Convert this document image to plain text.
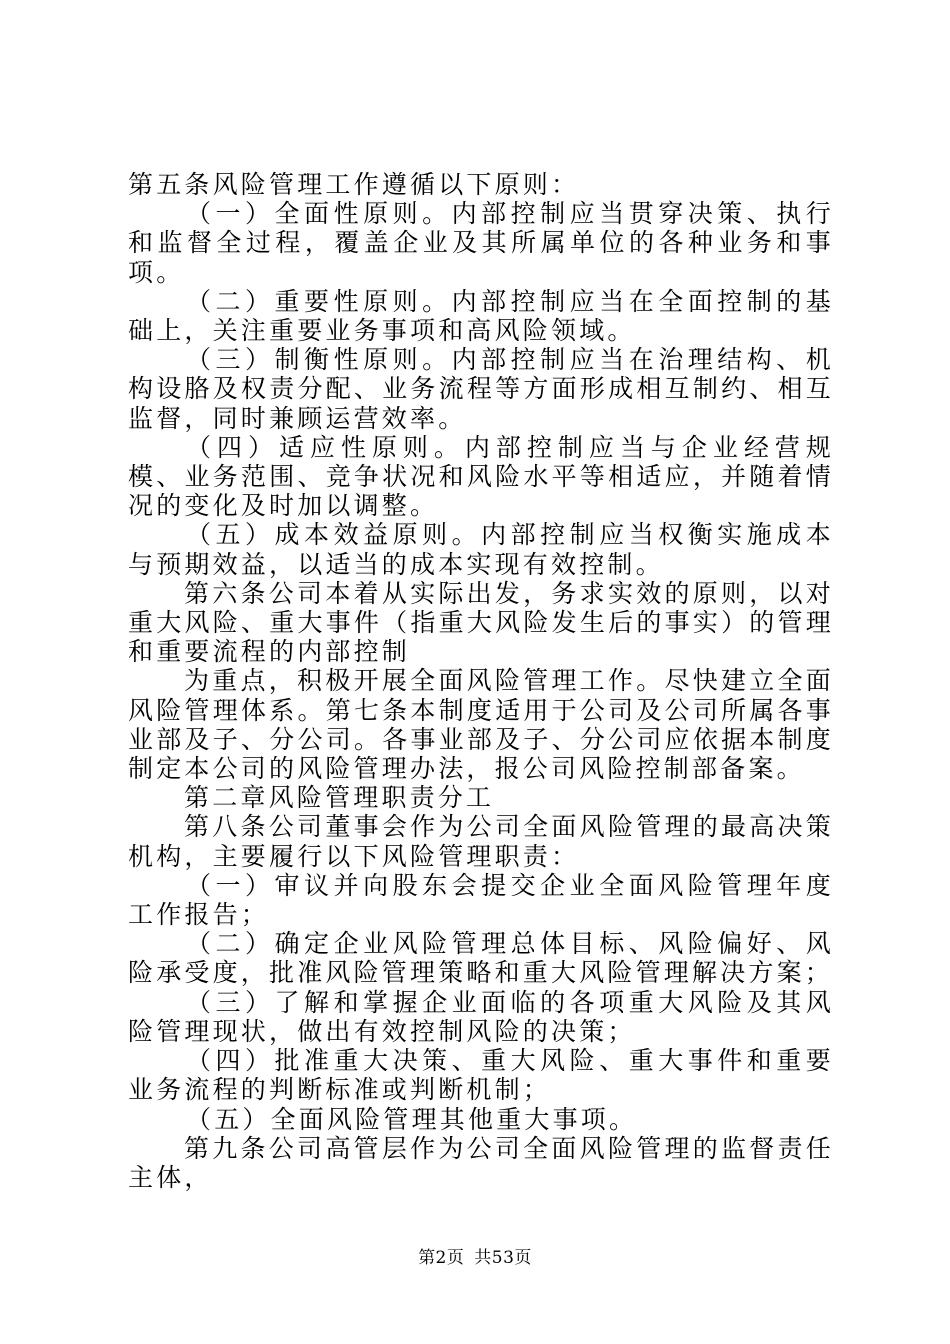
第五条风险管理工作遵循以下原则：

（一）全面性原则。内部控制应当贯穿决策、执行和监督全过程，覆盖企业及其所属单位的各种业务和事项。

（二）重要性原则。内部控制应当在全面控制的基础上，关注重要业务事项和高风险领域。

（三）制衡性原则。内部控制应当在治理结构、机构设胳及权责分配、业务流程等方面形成相互制约、相互监督，同时兼顾运营效率。

（四）适应性原则。内部控制应当与企业经营规模、业务范围、竞争状况和风险水平等相适应，并随着情况的变化及时加以调整。

（五）成本效益原则。内部控制应当权衡实施成本与预期效益，以适当的成本实现有效控制。

第六条公司本着从实际出发，务求实效的原则，以对重大风险、重大事件（指重大风险发生后的事实）的管理和重要流程的内部控制

为重点，积极开展全面风险管理工作。尽快建立全面风险管理体系。第七条本制度适用于公司及公司所属各事业部及子、分公司。各事业部及子、分公司应依据本制度制定本公司的风险管理办法，报公司风险控制部备案。

第二章风险管理职责分工

第八条公司董事会作为公司全面风险管理的最高决策机构，主要履行以下风险管理职责：

（一）审议并向股东会提交企业全面风险管理年度工作报告；

（二）确定企业风险管理总体目标、风险偏好、风险承受度，批准风险管理策略和重大风险管理解决方案；

（三）了解和掌握企业面临的各项重大风险及其风险管理现状，做出有效控制风险的决策；

（四）批准重大决策、重大风险、重大事件和重要业务流程的判断标准或判断机制；

（五）全面风险管理其他重大事项。

第九条公司高管层作为公司全面风险管理的监督责任主体，

第2页 共53页
